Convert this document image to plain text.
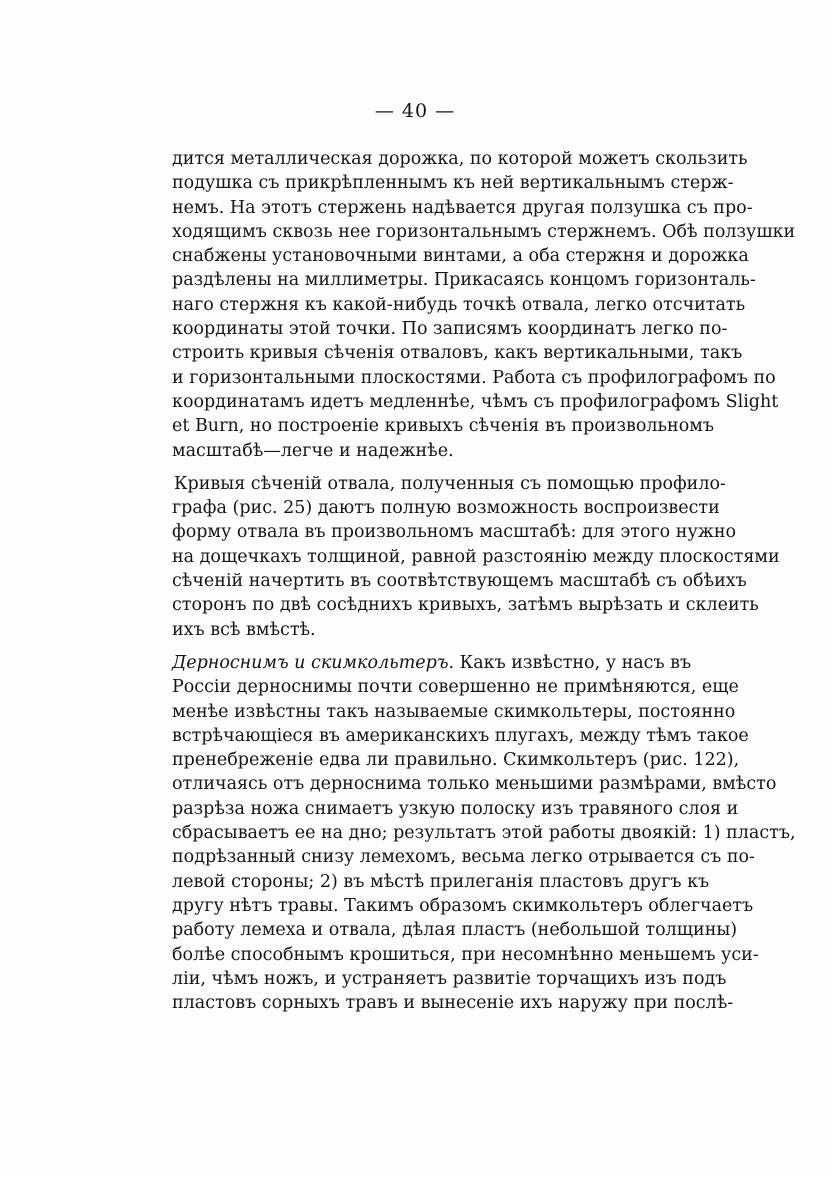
— 40 —
дится металлическая дорожка, по которой можетъ скользить
подушка съ прикрѣпленнымъ къ ней вертикальнымъ стерж-
немъ. На этотъ стержень надѣвается другая ползушка съ про-
ходящимъ сквозь нее горизонтальнымъ стержнемъ. Обѣ ползушки
снабжены установочными винтами, а оба стержня и дорожка
раздѣлены на миллиметры. Прикасаясь концомъ горизонталь-
наго стержня къ какой-нибудь точкѣ отвала, легко отсчитать
координаты этой точки. По записямъ координатъ легко по-
строить кривыя сѣченія отваловъ, какъ вертикальными, такъ
и горизонтальными плоскостями. Работа съ профилографомъ по
координатамъ идетъ медленнѣе, чѣмъ съ профилографомъ Slight
et Burn, но построеніе кривыхъ сѣченія въ произвольномъ
масштабѣ—легче и надежнѣе.
Кривыя сѣченій отвала, полученныя съ помощью профило-
графа (рис. 25) даютъ полную возможность воспроизвести
форму отвала въ произвольномъ масштабѣ: для этого нужно
на дощечкахъ толщиной, равной разстоянію между плоскостями
сѣченій начертить въ соотвѣтствующемъ масштабѣ съ обѣихъ
сторонъ по двѣ сосѣднихъ кривыхъ, затѣмъ вырѣзать и склеить
ихъ всѣ вмѣстѣ.
Дерноснимъ и скимкольтеръ. Какъ извѣстно, у насъ въ
Россіи дерноснимы почти совершенно не примѣняются, еще
менѣе извѣстны такъ называемые скимкольтеры, постоянно
встрѣчающіеся въ американскихъ плугахъ, между тѣмъ такое
пренебреженіе едва ли правильно. Скимкольтеръ (рис. 122),
отличаясь отъ дерноснима только меньшими размѣрами, вмѣсто
разрѣза ножа снимаетъ узкую полоску изъ травяного слоя и
сбрасываетъ ее на дно; результатъ этой работы двоякій: 1) пластъ,
подрѣзанный снизу лемехомъ, весьма легко отрывается съ по-
левой стороны; 2) въ мѣстѣ прилеганія пластовъ другъ къ
другу нѣтъ травы. Такимъ образомъ скимкольтеръ облегчаетъ
работу лемеха и отвала, дѣлая пластъ (небольшой толщины)
болѣе способнымъ крошиться, при несомнѣнно меньшемъ уси-
ліи, чѣмъ ножъ, и устраняетъ развитіе торчащихъ изъ подъ
пластовъ сорныхъ травъ и вынесеніе ихъ наружу при послѣ-
